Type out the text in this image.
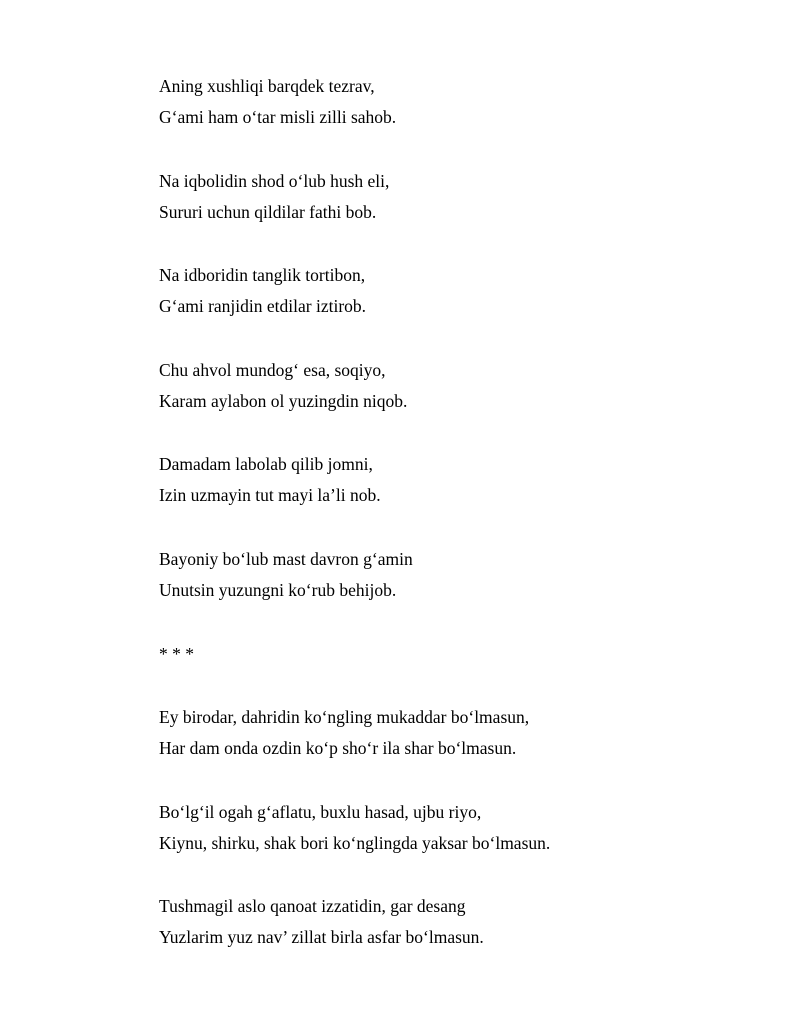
Aning xushliqi barqdek tezrav,
G‘ami ham o‘tar misli zilli sahob.
Na iqbolidin shod o‘lub hush eli,
Sururi uchun qildilar fathi bob.
Na idboridin tanglik tortibon,
G‘ami ranjidin etdilar iztirob.
Chu ahvol mundog‘ esa, soqiyo,
Karam aylabon ol yuzingdin niqob.
Damadam labolab qilib jomni,
Izin uzmayin tut mayi la’li nob.
Bayoniy bo‘lub mast davron g‘amin
Unutsin yuzungni ko‘rub behijob.
* * *
Ey birodar, dahridin ko‘ngling mukaddar bo‘lmasun,
Har dam onda ozdin ko‘p sho‘r ila shar bo‘lmasun.
Bo‘lg‘il ogah g‘aflatu, buxlu hasad, ujbu riyo,
Kiynu, shirku, shak bori ko‘nglingda yaksar bo‘lmasun.
Tushmagil aslo qanoat izzatidin, gar desang
Yuzlarim yuz nav’ zillat birla asfar bo‘lmasun.
